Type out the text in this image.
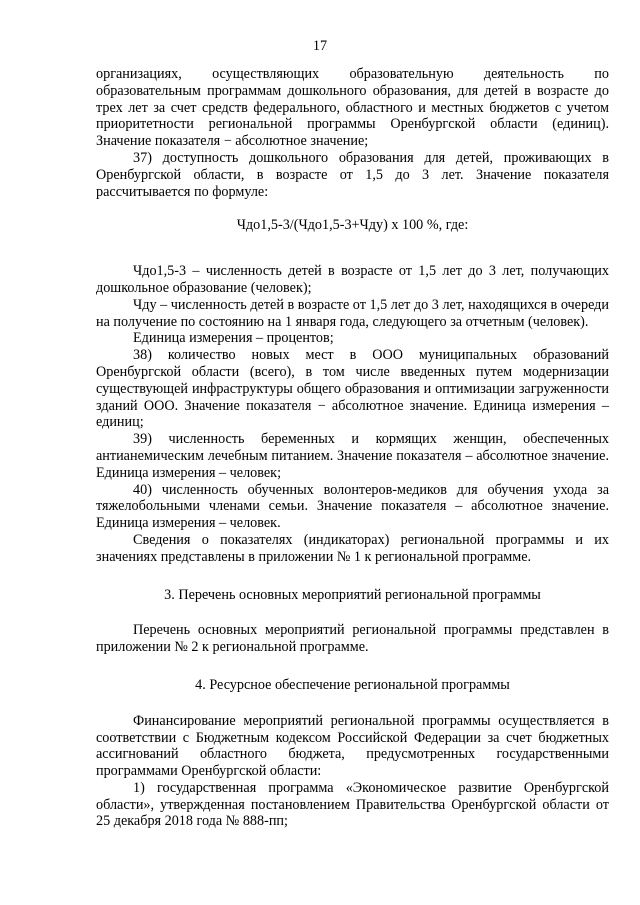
17

организациях, осуществляющих образовательную деятельность по образовательным программам дошкольного образования, для детей в возрасте до трех лет за счет средств федерального, областного и местных бюджетов с учетом приоритетности региональной программы Оренбургской области (единиц). Значение показателя − абсолютное значение;

37) доступность дошкольного образования для детей, проживающих в Оренбургской области, в возрасте от 1,5 до 3 лет. Значение показателя рассчитывается по формуле:

Чдо1,5-3/(Чдо1,5-3+Чду) х 100 %, где:

Чдо1,5-3 – численность детей в возрасте от 1,5 лет до 3 лет, получающих дошкольное образование (человек);

Чду – численность детей в возрасте от 1,5 лет до 3 лет, находящихся в очереди на получение по состоянию на 1 января года, следующего за отчетным (человек).

Единица измерения – процентов;

38) количество новых мест в ООО муниципальных образований Оренбургской области (всего), в том числе введенных путем модернизации существующей инфраструктуры общего образования и оптимизации загруженности зданий ООО. Значение показателя − абсолютное значение. Единица измерения – единиц;

39) численность беременных и кормящих женщин, обеспеченных антианемическим лечебным питанием. Значение показателя – абсолютное значение. Единица измерения – человек;

40) численность обученных волонтеров-медиков для обучения ухода за тяжелобольными членами семьи. Значение показателя – абсолютное значение. Единица измерения – человек.

Сведения о показателях (индикаторах) региональной программы и их значениях представлены в приложении № 1 к региональной программе.

3. Перечень основных мероприятий региональной программы

Перечень основных мероприятий региональной программы представлен в приложении № 2 к региональной программе.

4. Ресурсное обеспечение региональной программы

Финансирование мероприятий региональной программы осуществляется в соответствии с Бюджетным кодексом Российской Федерации за счет бюджетных ассигнований областного бюджета, предусмотренных государственными программами Оренбургской области:

1) государственная программа «Экономическое развитие Оренбургской области», утвержденная постановлением Правительства Оренбургской области от 25 декабря 2018 года № 888-пп;
